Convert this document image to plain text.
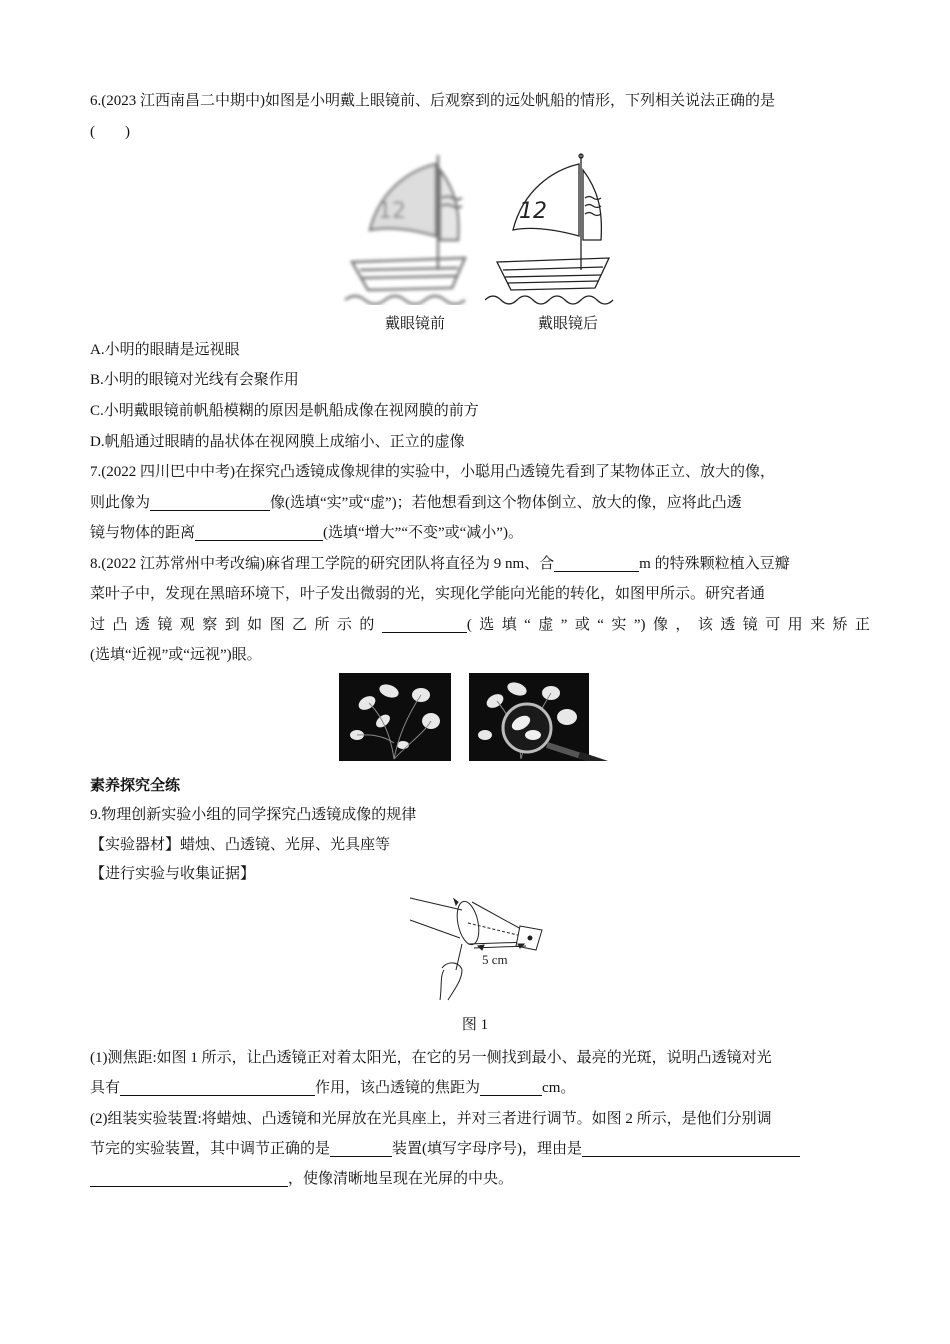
6.(2023 江西南昌二中期中)如图是小明戴上眼镜前、后观察到的远处帆船的情形，下列相关说法正确的是
(　　)
12
戴眼镜前
12
戴眼镜后
A.小明的眼睛是远视眼
B.小明的眼镜对光线有会聚作用
C.小明戴眼镜前帆船模糊的原因是帆船成像在视网膜的前方
D.帆船通过眼睛的晶状体在视网膜上成缩小、正立的虚像
7.(2022 四川巴中中考)在探究凸透镜成像规律的实验中，小聪用凸透镜先看到了某物体正立、放大的像，
则此像为	像(选填“实”或“虚”)；若他想看到这个物体倒立、放大的像，应将此凸透
镜与物体的距离	(选填“增大”“不变”或“减小”)。
8.(2022 江苏常州中考改编)麻省理工学院的研究团队将直径为 9 nm、合	m 的特殊颗粒植入豆瓣
菜叶子中，发现在黑暗环境下，叶子发出微弱的光，实现化学能向光能的转化，如图甲所示。研究者通
过凸透镜观察到如图乙所示的	(选填“虚”或“实”)像，该透镜可用来矫正
(选填“近视”或“远视”)眼。
素养探究全练
9.物理创新实验小组的同学探究凸透镜成像的规律
【实验器材】蜡烛、凸透镜、光屏、光具座等
【进行实验与收集证据】
5 cm
图 1
(1)测焦距:如图 1 所示，让凸透镜正对着太阳光，在它的另一侧找到最小、最亮的光斑，说明凸透镜对光
具有	作用，该凸透镜的焦距为	cm。
(2)组装实验装置:将蜡烛、凸透镜和光屏放在光具座上，并对三者进行调节。如图 2 所示，是他们分别调
节完的实验装置，其中调节正确的是	装置(填写字母序号)，理由是
，使像清晰地呈现在光屏的中央。
